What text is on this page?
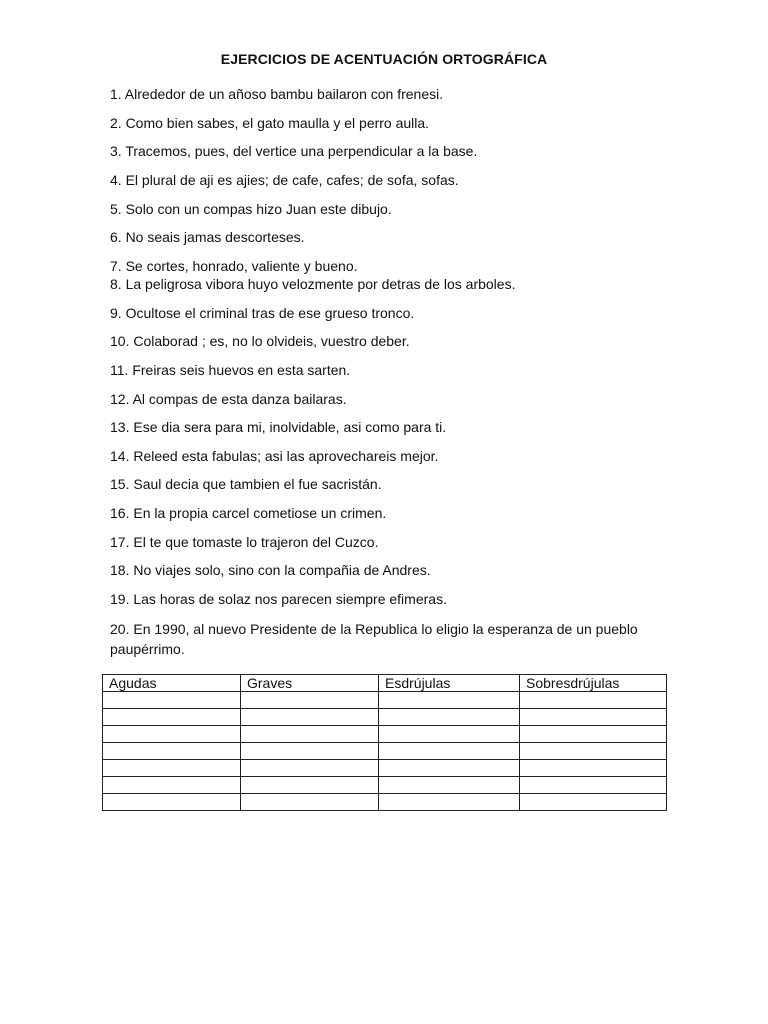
EJERCICIOS DE ACENTUACIÓN ORTOGRÁFICA
1. Alrededor de un añoso bambu bailaron con frenesi.
2. Como bien sabes, el gato maulla y el perro aulla.
3. Tracemos, pues, del vertice una perpendicular a la base.
4. El plural de aji es ajies; de cafe, cafes; de sofa, sofas.
5. Solo con un compas hizo Juan este dibujo.
6. No seais jamas descorteses.
7. Se cortes, honrado, valiente y bueno.
8. La peligrosa vibora huyo velozmente por detras de los arboles.
9. Ocultose el criminal tras de ese grueso tronco.
10. Colaborad ; es, no lo olvideis, vuestro deber.
11. Freiras seis huevos en esta sarten.
12. Al compas de esta danza bailaras.
13. Ese dia sera para mi, inolvidable, asi como para ti.
14. Releed esta fabulas; asi las aprovechareis mejor.
15. Saul decia que tambien el fue sacristán.
16. En la propia carcel cometiose un crimen.
17. El te que tomaste lo trajeron del Cuzco.
18. No viajes solo, sino con la compañia de Andres.
19. Las horas de solaz nos parecen siempre efimeras.
20. En 1990, al nuevo Presidente de la Republica lo eligio la esperanza de un pueblo paupérrimo.
Agudas	Graves	Esdrújulas	Sobresdrújulas
